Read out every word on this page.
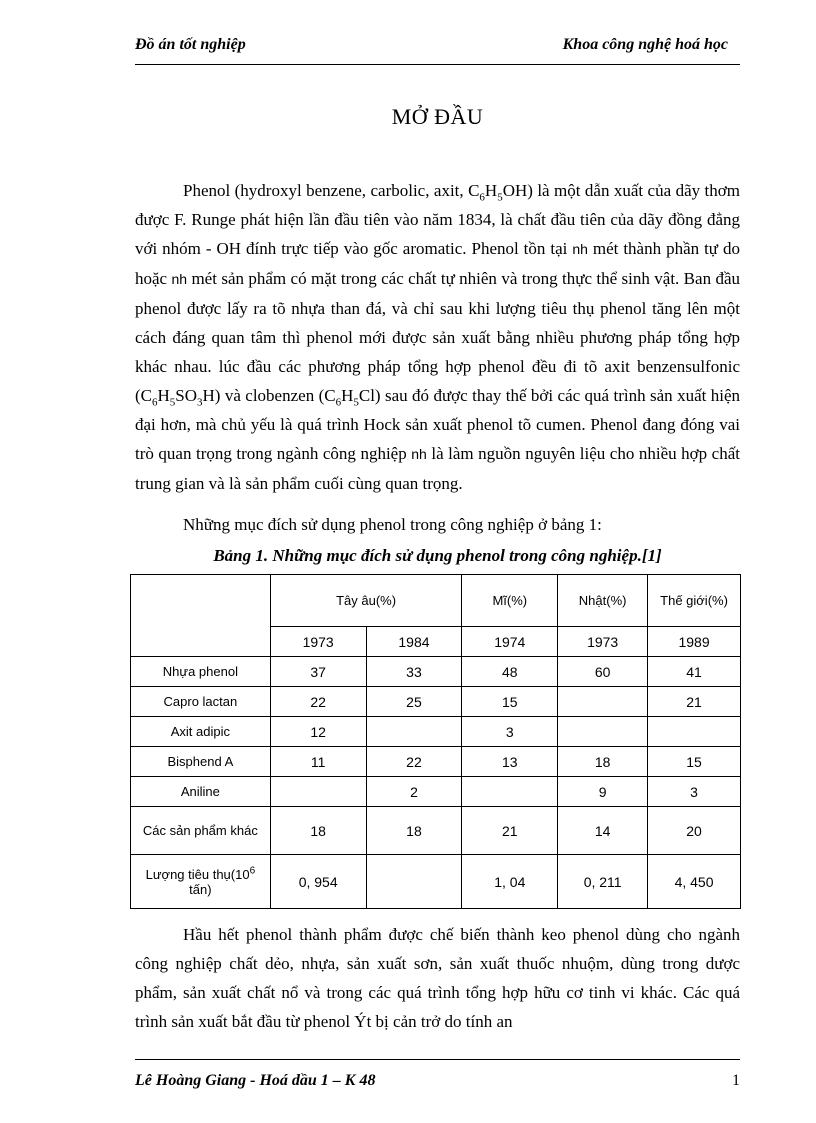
Đồ án tốt nghiệp	Khoa công nghệ hoá học
MỞ ĐẦU

Phenol (hydroxyl benzene, carbolic, axit, $C_6H_5OH$) là một dẫn xuất của dãy thơm được F. Runge phát hiện lần đầu tiên vào năm 1834, là chất đầu tiên của dãy đồng đẳng với nhóm - OH đính trực tiếp vào gốc aromatic. Phenol tồn tại nh mét thành phần tự do hoặc nh mét sản phẩm có mặt trong các chất tự nhiên và trong thực thể sinh vật. Ban đầu phenol được lấy ra tõ nhựa than đá, và chỉ sau khi lượng tiêu thụ phenol tăng lên một cách đáng quan tâm thì phenol mới được sản xuất bằng nhiều phương pháp tổng hợp khác nhau. lúc đầu các phương pháp tổng hợp phenol đều đi tõ axit benzensulfonic $(C_6H_5SO_3H)$ và clobenzen $(C_6H_5Cl)$ sau đó được thay thế bởi các quá trình sản xuất hiện đại hơn, mà chủ yếu là quá trình Hock sản xuất phenol tõ cumen. Phenol đang đóng vai trò quan trọng trong ngành công nghiệp nh là làm nguồn nguyên liệu cho nhiều hợp chất trung gian và là sản phẩm cuối cùng quan trọng.

Những mục đích sử dụng phenol trong công nghiệp ở bảng 1:

Bảng 1. Những mục đích sử dụng phenol trong công nghiệp.[1]
	Tây âu(%)		Mĩ(%)	Nhật(%)	Thế giới(%)
	1973	1984	1974	1973	1989
Nhựa phenol	37	33	48	60	41
Capro lactan	22	25	15		21
Axit adipic	12		3		
Bisphend A	11	22	13	18	15
Aniline		2		9	3
Các sản phẩm khác	18	18	21	14	20
Lượng tiêu $thụ(10^6$ tấn)	0, 954		1, 04	0, 211	4, 450

Hầu hết phenol thành phẩm được chế biến thành keo phenol dùng cho ngành công nghiệp chất dẻo, nhựa, sản xuất sơn, sản xuất thuốc nhuộm, dùng trong dược phẩm, sản xuất chất nổ và trong các quá trình tổng hợp hữu cơ tinh vi khác. Các quá trình sản xuất bắt đầu từ phenol Ýt bị cản trở do tính an

Lê Hoàng Giang - Hoá dầu 1 – K 48	1
